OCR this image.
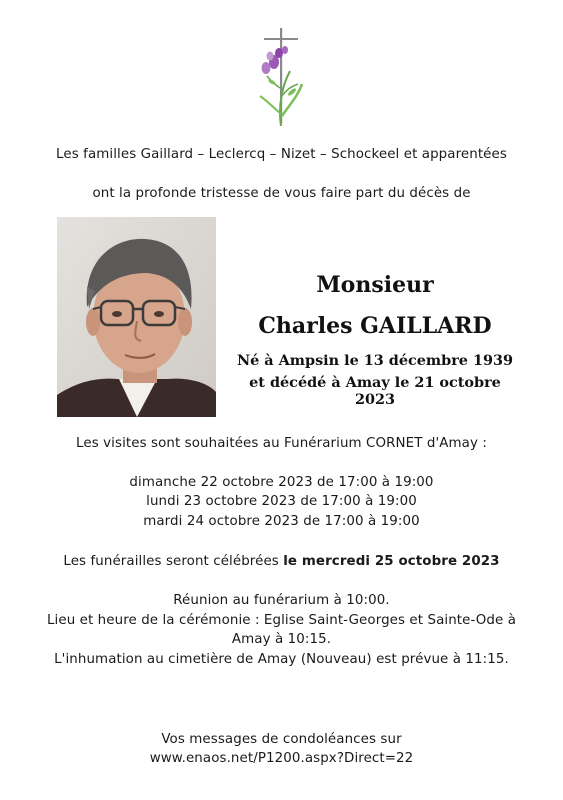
Les familles Gaillard – Leclercq – Nizet – Schockeel et apparentées
ont la profonde tristesse de vous faire part du décès de
Monsieur
Charles GAILLARD
Né à Ampsin le 13 décembre 1939
et décédé à Amay le 21 octobre 2023
Les visites sont souhaitées au Funérarium CORNET d'Amay :
dimanche 22 octobre 2023 de 17:00 à 19:00
lundi 23 octobre 2023 de 17:00 à 19:00
mardi 24 octobre 2023 de 17:00 à 19:00
Les funérailles seront célébrées le mercredi 25 octobre 2023
Réunion au funérarium à 10:00.
Lieu et heure de la cérémonie : Eglise Saint-Georges et Sainte-Ode à
Amay à 10:15.
L'inhumation au cimetière de Amay (Nouveau) est prévue à 11:15.
Vos messages de condoléances sur
www.enaos.net/P1200.aspx?Direct=22
